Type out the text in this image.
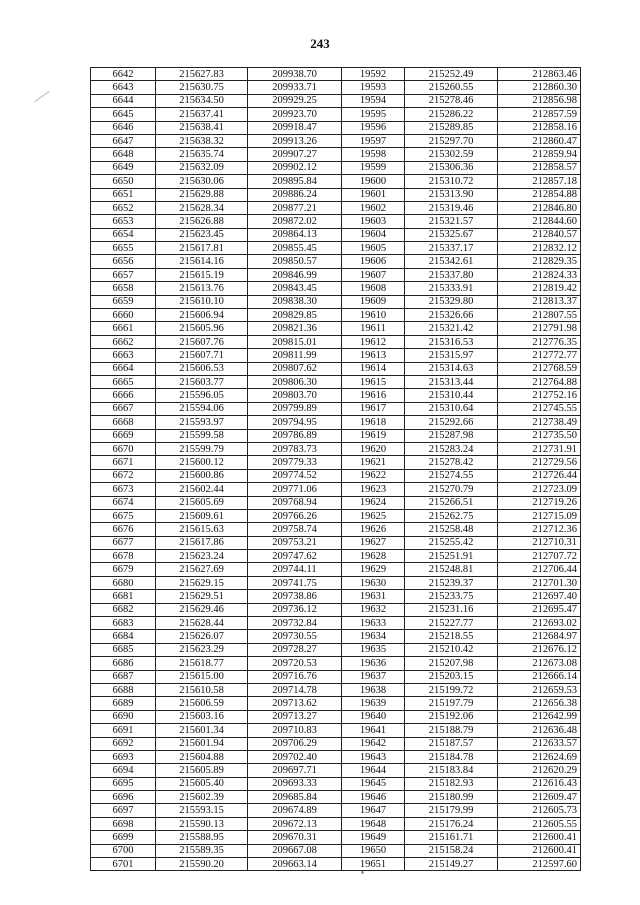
243
6642	215627.83	209938.70	19592	215252.49	212863.46
6643	215630.75	209933.71	19593	215260.55	212860.30
6644	215634.50	209929.25	19594	215278.46	212856.98
6645	215637.41	209923.70	19595	215286.22	212857.59
6646	215638.41	209918.47	19596	215289.85	212858.16
6647	215638.32	209913.26	19597	215297.70	212860.47
6648	215635.74	209907.27	19598	215302.59	212859.94
6649	215632.09	209902.12	19599	215306.36	212858.57
6650	215630.06	209895.84	19600	215310.72	212857.18
6651	215629.88	209886.24	19601	215313.90	212854.88
6652	215628.34	209877.21	19602	215319.46	212846.80
6653	215626.88	209872.02	19603	215321.57	212844.60
6654	215623.45	209864.13	19604	215325.67	212840.57
6655	215617.81	209855.45	19605	215337.17	212832.12
6656	215614.16	209850.57	19606	215342.61	212829.35
6657	215615.19	209846.99	19607	215337.80	212824.33
6658	215613.76	209843.45	19608	215333.91	212819.42
6659	215610.10	209838.30	19609	215329.80	212813.37
6660	215606.94	209829.85	19610	215326.66	212807.55
6661	215605.96	209821.36	19611	215321.42	212791.98
6662	215607.76	209815.01	19612	215316.53	212776.35
6663	215607.71	209811.99	19613	215315.97	212772.77
6664	215606.53	209807.62	19614	215314.63	212768.59
6665	215603.77	209806.30	19615	215313.44	212764.88
6666	215596.05	209803.70	19616	215310.44	212752.16
6667	215594.06	209799.89	19617	215310.64	212745.55
6668	215593.97	209794.95	19618	215292.66	212738.49
6669	215599.58	209786.89	19619	215287.98	212735.50
6670	215599.79	209783.73	19620	215283.24	212731.91
6671	215600.12	209779.33	19621	215278.42	212729.56
6672	215600.86	209774.52	19622	215274.55	212726.44
6673	215602.44	209771.06	19623	215270.79	212723.09
6674	215605.69	209768.94	19624	215266.51	212719.26
6675	215609.61	209766.26	19625	215262.75	212715.09
6676	215615.63	209758.74	19626	215258.48	212712.36
6677	215617.86	209753.21	19627	215255.42	212710.31
6678	215623.24	209747.62	19628	215251.91	212707.72
6679	215627.69	209744.11	19629	215248.81	212706.44
6680	215629.15	209741.75	19630	215239.37	212701.30
6681	215629.51	209738.86	19631	215233.75	212697.40
6682	215629.46	209736.12	19632	215231.16	212695.47
6683	215628.44	209732.84	19633	215227.77	212693.02
6684	215626.07	209730.55	19634	215218.55	212684.97
6685	215623.29	209728.27	19635	215210.42	212676.12
6686	215618.77	209720.53	19636	215207.98	212673.08
6687	215615.00	209716.76	19637	215203.15	212666.14
6688	215610.58	209714.78	19638	215199.72	212659.53
6689	215606.59	209713.62	19639	215197.79	212656.38
6690	215603.16	209713.27	19640	215192.06	212642.99
6691	215601.34	209710.83	19641	215188.79	212636.48
6692	215601.94	209706.29	19642	215187.57	212633.57
6693	215604.88	209702.40	19643	215184.78	212624.69
6694	215605.89	209697.71	19644	215183.84	212620.29
6695	215605.40	209693.33	19645	215182.93	212616.43
6696	215602.39	209685.84	19646	215180.99	212609.47
6697	215593.15	209674.89	19647	215179.99	212605.73
6698	215590.13	209672.13	19648	215176.24	212605.55
6699	215588.95	209670.31	19649	215161.71	212600.41
6700	215589.35	209667.08	19650	215158.24	212600.41
6701	215590.20	209663.14	19651	215149.27	212597.60
